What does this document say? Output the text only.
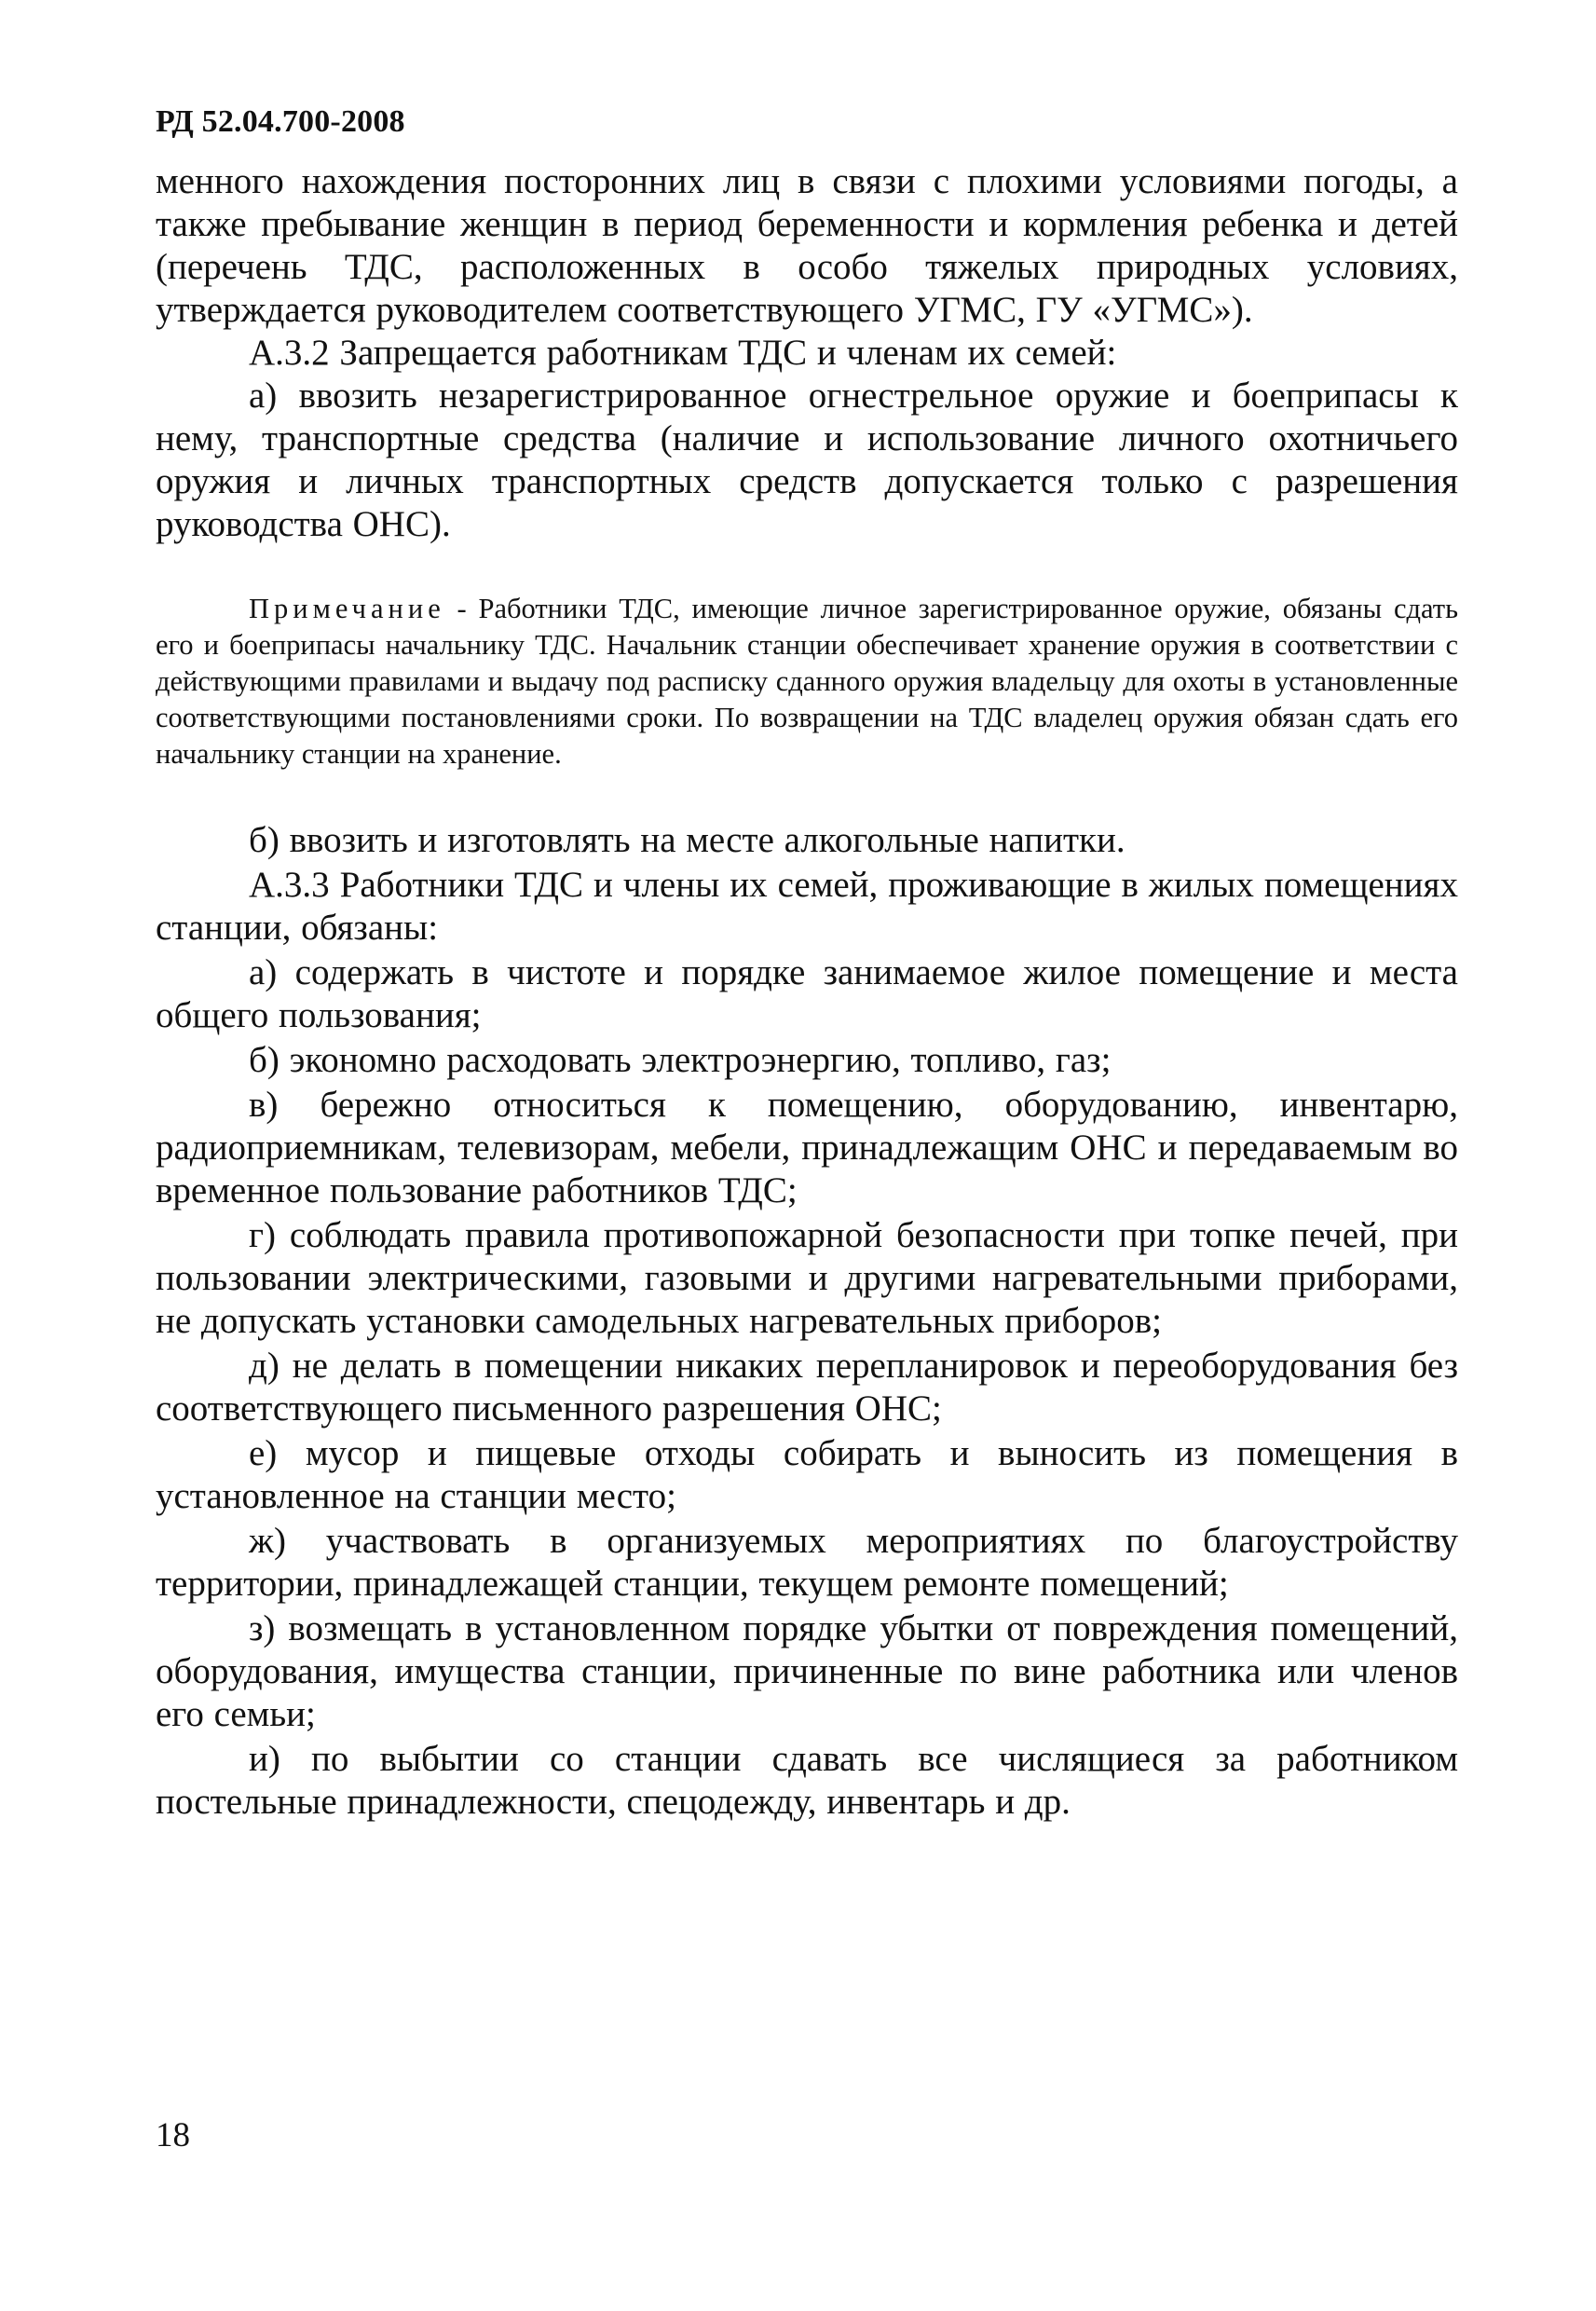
РД 52.04.700-2008

менного нахождения посторонних лиц в связи с плохими условиями погоды, а также пребывание женщин в период беременности и кормления ребенка и детей (перечень ТДС, расположенных в особо тяжелых природных условиях, утверждается руководителем соответствующего УГМС, ГУ «УГМС»).

А.3.2 Запрещается работникам ТДС и членам их семей:

а) ввозить незарегистрированное огнестрельное оружие и боеприпасы к нему, транспортные средства (наличие и использование личного охотничьего оружия и личных транспортных средств допускается только с разрешения руководства ОНС).

Примечание - Работники ТДС, имеющие личное зарегистрированное оружие, обязаны сдать его и боеприпасы начальнику ТДС. Начальник станции обеспечивает хранение оружия в соответствии с действующими правилами и выдачу под расписку сданного оружия владельцу для охоты в установленные соответствующими постановлениями сроки. По возвращении на ТДС владелец оружия обязан сдать его начальнику станции на хранение.

б) ввозить и изготовлять на месте алкогольные напитки.

А.3.3 Работники ТДС и члены их семей, проживающие в жилых помещениях станции, обязаны:

а) содержать в чистоте и порядке занимаемое жилое помещение и места общего пользования;

б) экономно расходовать электроэнергию, топливо, газ;

в) бережно относиться к помещению, оборудованию, инвентарю, радиоприемникам, телевизорам, мебели, принадлежащим ОНС и передаваемым во временное пользование работников ТДС;

г) соблюдать правила противопожарной безопасности при топке печей, при пользовании электрическими, газовыми и другими нагревательными приборами, не допускать установки самодельных нагревательных приборов;

д) не делать в помещении никаких перепланировок и переоборудования без соответствующего письменного разрешения ОНС;

е) мусор и пищевые отходы собирать и выносить из помещения в установленное на станции место;

ж) участвовать в организуемых мероприятиях по благоустройству территории, принадлежащей станции, текущем ремонте помещений;

з) возмещать в установленном порядке убытки от повреждения помещений, оборудования, имущества станции, причиненные по вине работника или членов его семьи;

и) по выбытии со станции сдавать все числящиеся за работником постельные принадлежности, спецодежду, инвентарь и др.

18
